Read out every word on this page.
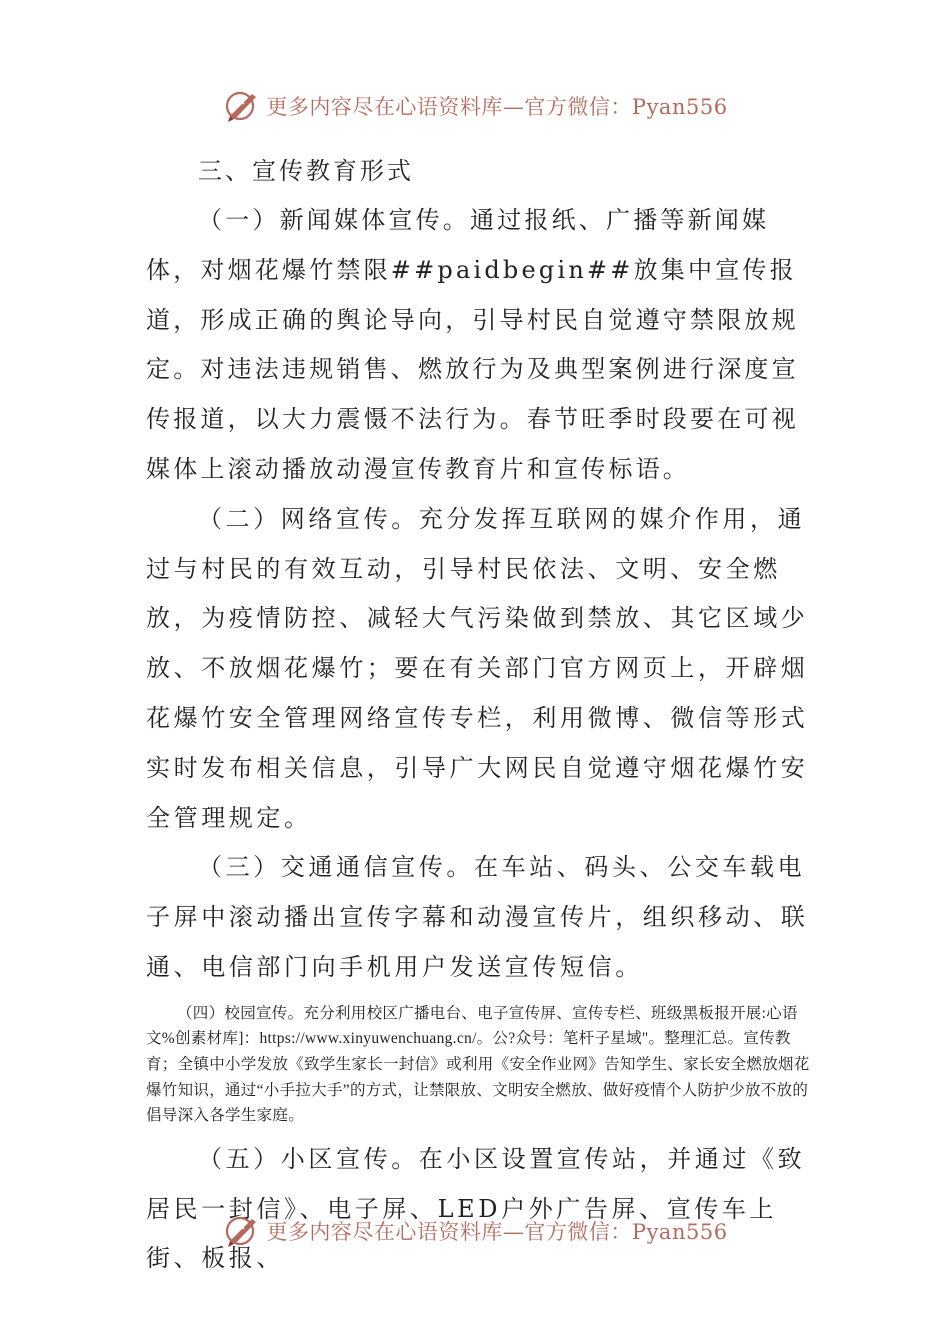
更多内容尽在心语资料库—官方微信：Pyan556

三、宣传教育形式

（一）新闻媒体宣传。通过报纸、广播等新闻媒体，对烟花爆竹禁限##paidbegin##放集中宣传报道，形成正确的舆论导向，引导村民自觉遵守禁限放规定。对违法违规销售、燃放行为及典型案例进行深度宣传报道，以大力震慑不法行为。春节旺季时段要在可视媒体上滚动播放动漫宣传教育片和宣传标语。

（二）网络宣传。充分发挥互联网的媒介作用，通过与村民的有效互动，引导村民依法、文明、安全燃放，为疫情防控、减轻大气污染做到禁放、其它区域少放、不放烟花爆竹；要在有关部门官方网页上，开辟烟花爆竹安全管理网络宣传专栏，利用微博、微信等形式实时发布相关信息，引导广大网民自觉遵守烟花爆竹安全管理规定。

（三）交通通信宣传。在车站、码头、公交车载电子屏中滚动播出宣传字幕和动漫宣传片，组织移动、联通、电信部门向手机用户发送宣传短信。

（四）校园宣传。充分利用校区广播电台、电子宣传屏、宣传专栏、班级黑板报开展:心语文%创素材库]：https://www.xinyuwenchuang.cn/。公?众号：笔杆子星域"。整理汇总。宣传教育；全镇中小学发放《致学生家长一封信》或利用《安全作业网》告知学生、家长安全燃放烟花爆竹知识，通过“小手拉大手”的方式，让禁限放、文明安全燃放、做好疫情个人防护少放不放的倡导深入各学生家庭。

（五）小区宣传。在小区设置宣传站，并通过《致居民一封信》、电子屏、LED户外广告屏、宣传车上街、板报、

更多内容尽在心语资料库—官方微信：Pyan556
